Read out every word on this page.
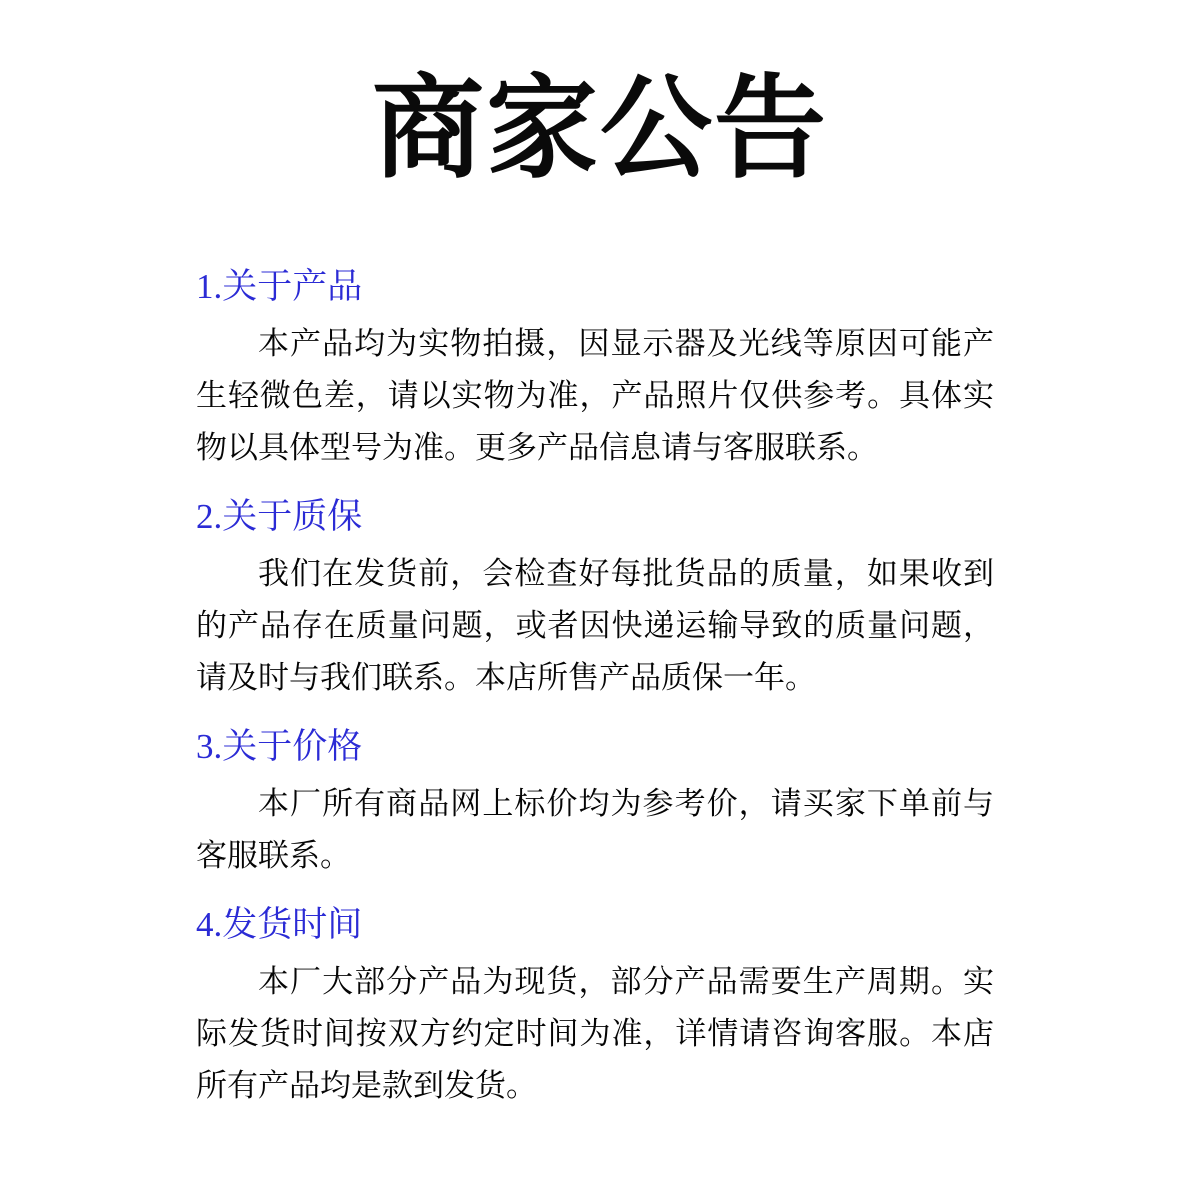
商家公告
1.关于产品

本产品均为实物拍摄，因显示器及光线等原因可能产生轻微色差，请以实物为准，产品照片仅供参考。具体实物以具体型号为准。更多产品信息请与客服联系。

2.关于质保

我们在发货前，会检查好每批货品的质量，如果收到的产品存在质量问题，或者因快递运输导致的质量问题，请及时与我们联系。本店所售产品质保一年。

3.关于价格

本厂所有商品网上标价均为参考价，请买家下单前与客服联系。

4.发货时间

本厂大部分产品为现货，部分产品需要生产周期。实际发货时间按双方约定时间为准，详情请咨询客服。本店所有产品均是款到发货。
